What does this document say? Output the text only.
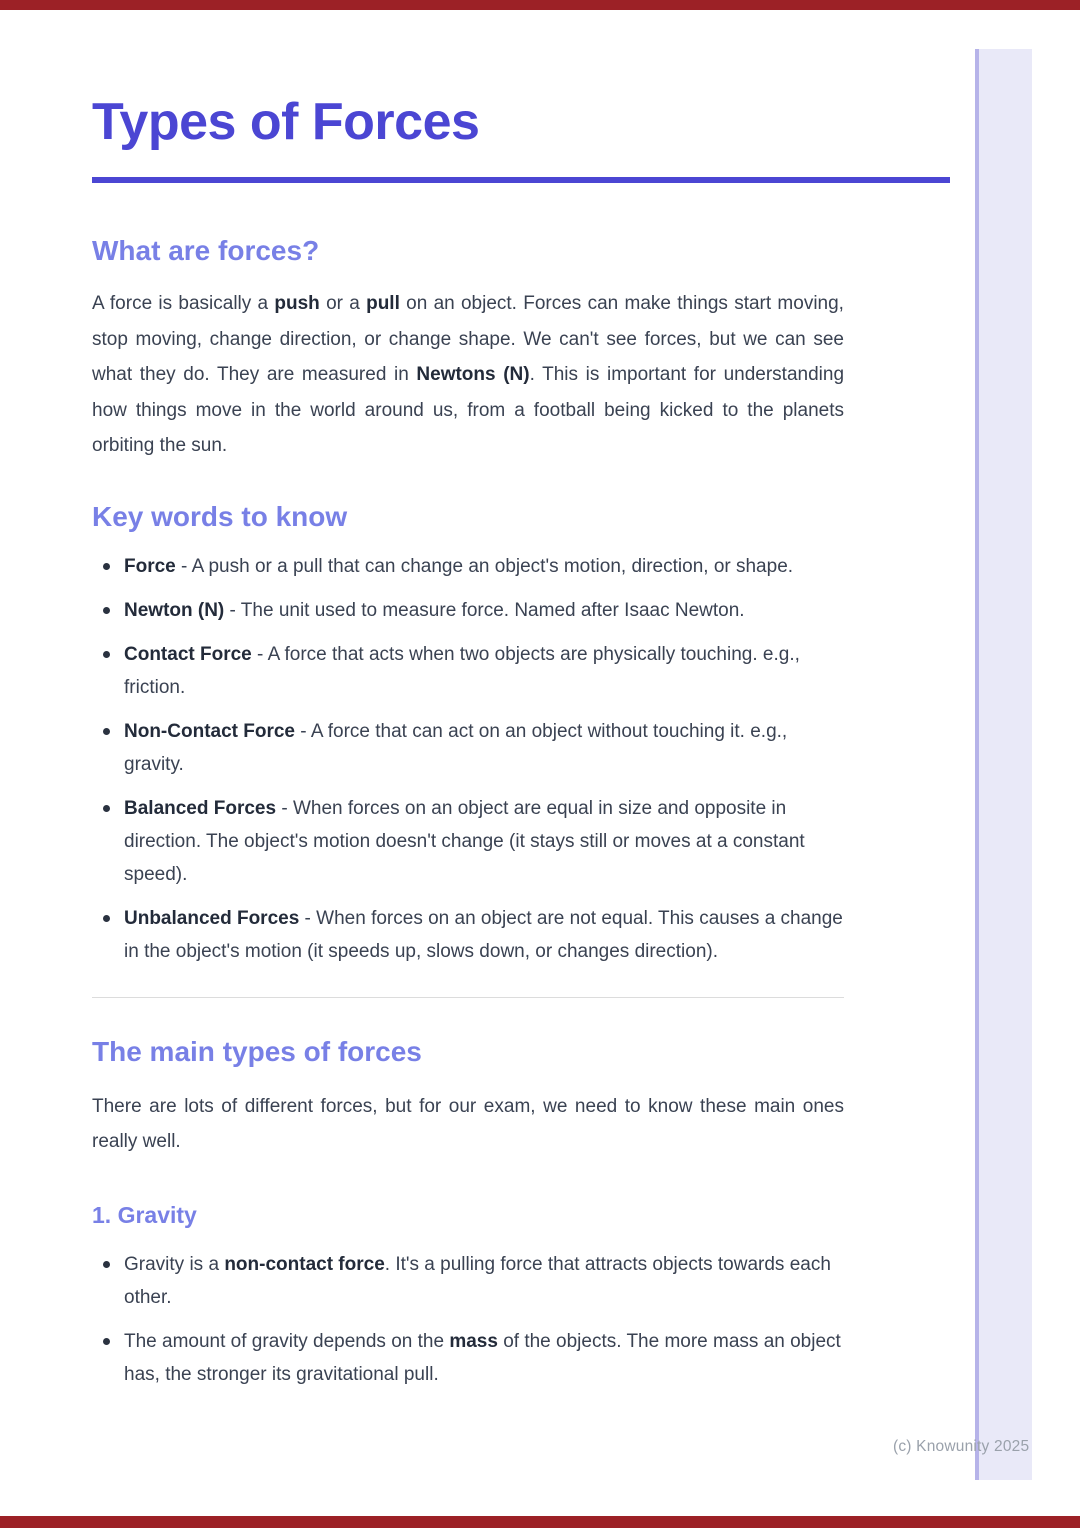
Types of Forces
What are forces?

A force is basically a push or a pull on an object. Forces can make things start moving, stop moving, change direction, or change shape. We can't see forces, but we can see what they do. They are measured in Newtons (N). This is important for understanding how things move in the world around us, from a football being kicked to the planets orbiting the sun.

Key words to know
Force - A push or a pull that can change an object's motion, direction, or shape.
Newton (N) - The unit used to measure force. Named after Isaac Newton.
Contact Force - A force that acts when two objects are physically touching. e.g., friction.
Non-Contact Force - A force that can act on an object without touching it. e.g., gravity.
Balanced Forces - When forces on an object are equal in size and opposite in direction. The object's motion doesn't change (it stays still or moves at a constant speed).
Unbalanced Forces - When forces on an object are not equal. This causes a change in the object's motion (it speeds up, slows down, or changes direction).
The main types of forces

There are lots of different forces, but for our exam, we need to know these main ones really well.

1. Gravity
Gravity is a non-contact force. It's a pulling force that attracts objects towards each other.
The amount of gravity depends on the mass of the objects. The more mass an object has, the stronger its gravitational pull.
(c) Knowunity 2025
